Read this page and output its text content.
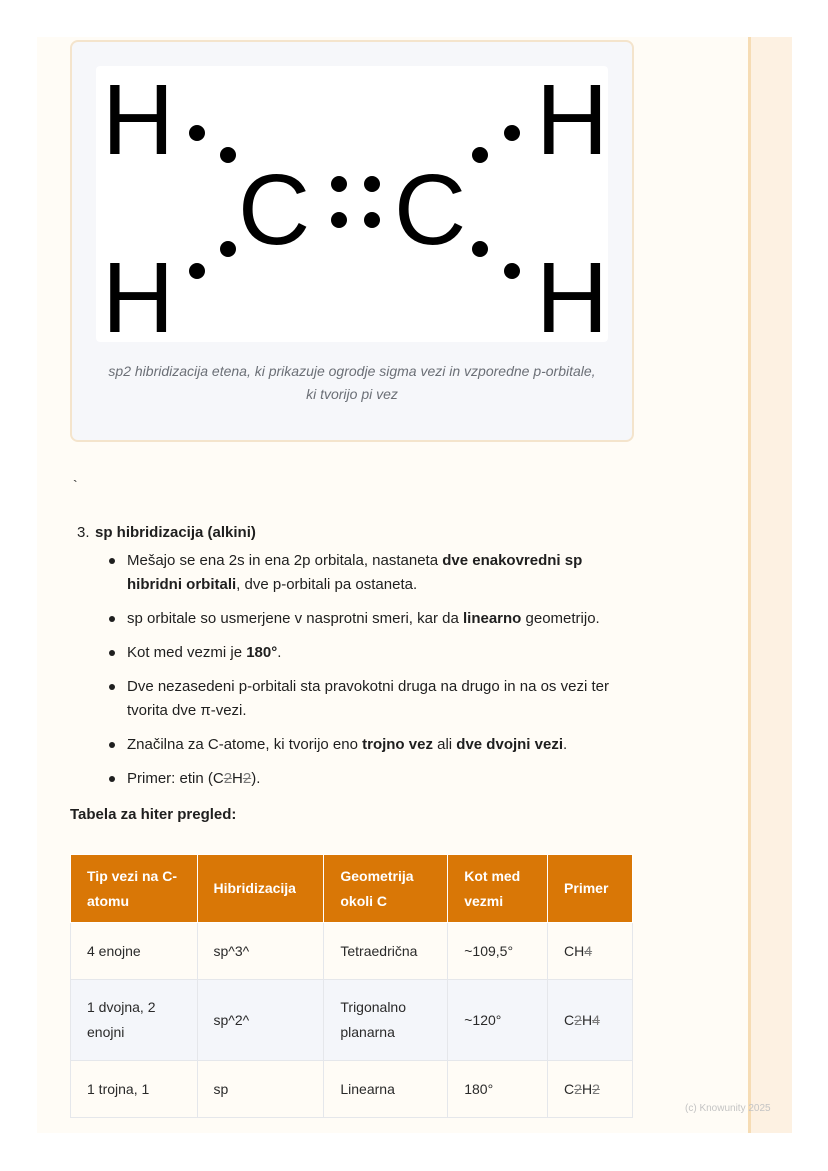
H
H
H
H
C C
sp2 hibridizacija etena, ki prikazuje ogrodje sigma vezi in vzporedne p-orbitale, ki tvorijo pi vez
`
3. sp hibridizacija (alkini)
Mešajo se ena 2s in ena 2p orbitala, nastaneta dve enakovredni sp hibridni orbitali, dve p-orbitali pa ostaneta.
sp orbitale so usmerjene v nasprotni smeri, kar da linearno geometrijo.
Kot med vezmi je 180°.
Dve nezasedeni p-orbitali sta pravokotni druga na drugo in na os vezi ter tvorita dve π-vezi.
Značilna za C-atome, ki tvorijo eno trojno vez ali dve dvojni vezi.
Primer: etin (C2H2).
Tabela za hiter pregled:
Tip vezi na C-atomu	Hibridizacija	Geometrija okoli C	Kot med vezmi	Primer
4 enojne	sp^3^	Tetraedrična	~109,5°	CH4
1 dvojna, 2 enojni	sp^2^	Trigonalno planarna	~120°	C2H4
1 trojna, 1	sp	Linearna	180°	C2H2
(c) Knowunity 2025
